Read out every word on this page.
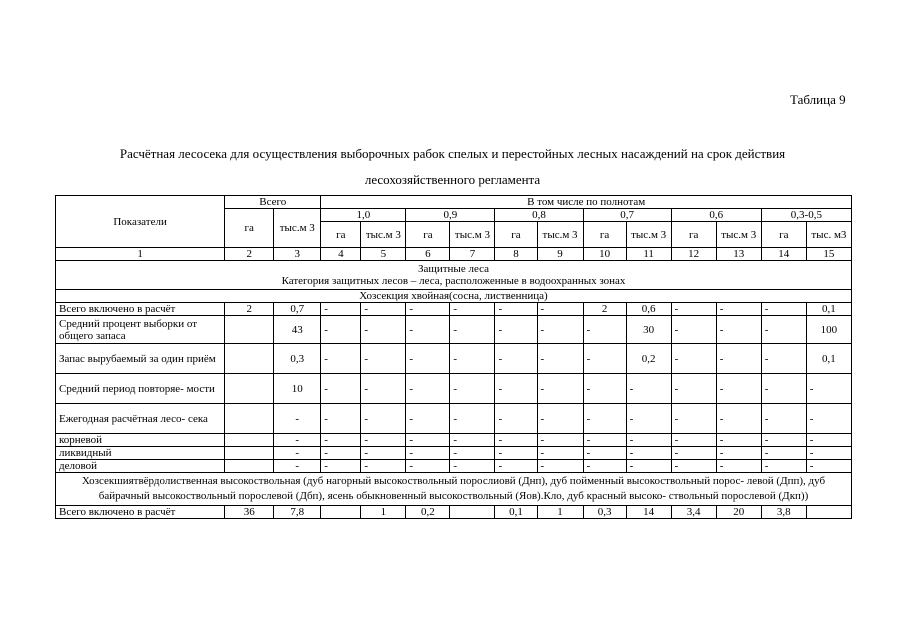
Таблица 9
Расчётная лесосека для осуществления выборочных рабок спелых и перестойных лесных насаждений на срок действия
лесохозяйственного регламента
Показатели	Всего		В том числе по полнотам											
	га	тыс.м 3	1,0		0,9		0,8		0,7		0,6		0,3-0,5	
			га	тыс.м 3	га	тыс.м 3	га	тыс.м 3	га	тыс.м 3	га	тыс.м 3	га	тыс. м3
1	2	3	4	5	6	7	8	9	10	11	12	13	14	15

Защитные леса
Категория защитных лесов – леса, расположенные в водоохранных зонах														

Хозсекция хвойная(сосна, лиственница)														
Всего включено в расчёт	2	0,7	-	-	-	-	-	-	2	0,6	-	-	-	0,1
Средний процент выборки от общего запаса		43	-	-	-	-	-	-	-	30	-	-	-	100
Запас вырубаемый за один приём		0,3	-	-	-	-	-	-	-	0,2	-	-	-	0,1
Средний период повторяе- мости		10	-	-	-	-	-	-	-	-	-	-	-	-
Ежегодная расчётная лесо- сека		-	-	-	-	-	-	-	-	-	-	-	-	-
корневой		-	-	-	-	-	-	-	-	-	-	-	-	-
ликвидный		-	-	-	-	-	-	-	-	-	-	-	-	-
деловой		-	-	-	-	-	-	-	-	-	-	-	-	-
Хозсекшиятвёрдолиственная высокоствольная (дуб нагорный высокоствольный порослиовй (Днп), дуб пойменный высокоствольный порос- левой (Дпп), дуб байрачный высокоствольный порослевой (Дбп), ясень обыкновенный высокоствольный (Яов).Кло, дуб красный высоко- ствольный порослевой (Дкп))														
Всего включено в расчёт	36	7,8		1	0,2		0,1	1	0,3	14	3,4	20	3,8	
